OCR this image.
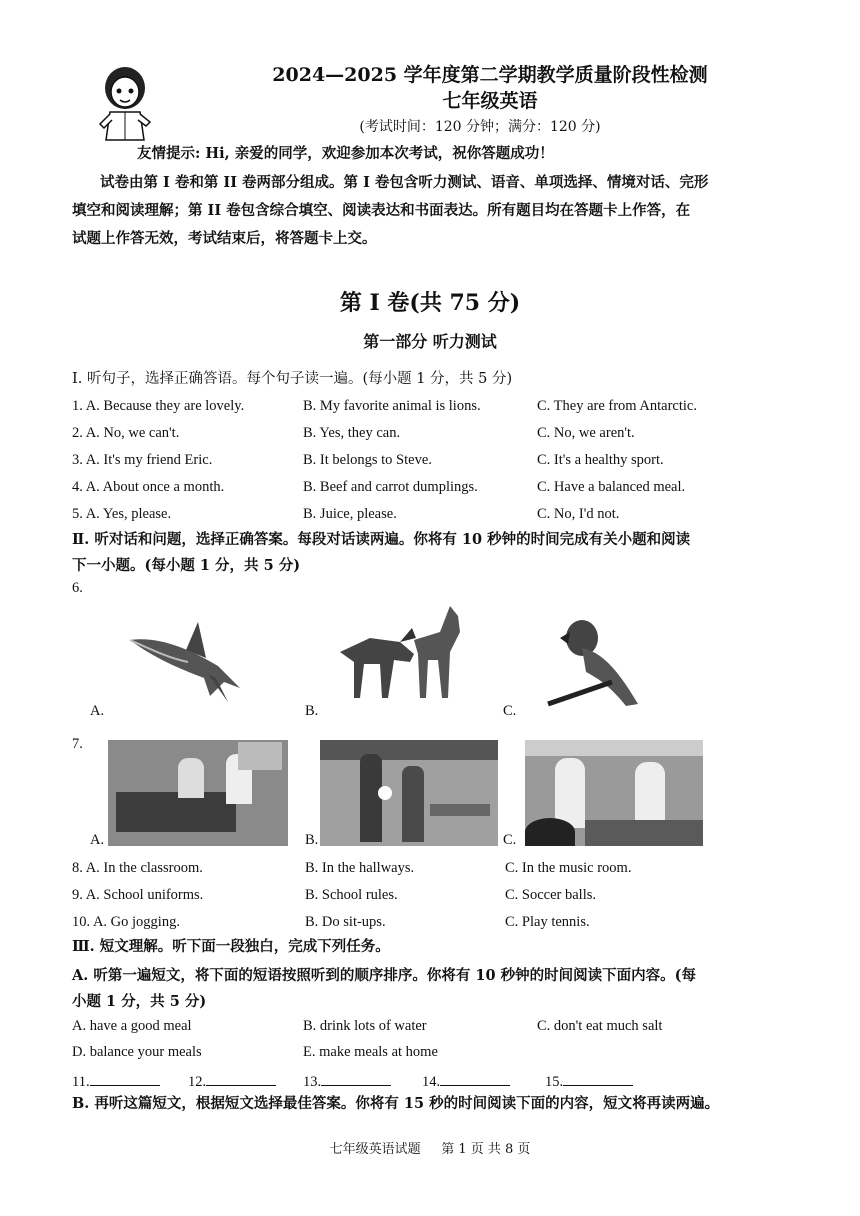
2024—2025 学年度第二学期教学质量阶段性检测
七年级英语
(考试时间：120 分钟；满分：120 分)
友情提示: Hi, 亲爱的同学，欢迎参加本次考试，祝你答题成功！
试卷由第 I 卷和第 II 卷两部分组成。第 I 卷包含听力测试、语音、单项选择、情境对话、完形
填空和阅读理解；第 II 卷包含综合填空、阅读表达和书面表达。所有题目均在答题卡上作答，在
试题上作答无效，考试结束后，将答题卡上交。
第 I 卷(共 75 分)
第一部分 听力测试
Ⅰ. 听句子，选择正确答语。每个句子读一遍。(每小题 1 分，共 5 分)
1. A. Because they are lovely.	B. My favorite animal is lions.	C. They are from Antarctic.
2. A. No, we can't.	B. Yes, they can.	C. No, we aren't.
3. A. It's my friend Eric.	B. It belongs to Steve.	C. It's a healthy sport.
4. A. About once a month.	B. Beef and carrot dumplings.	C. Have a balanced meal.
5. A. Yes, please.	B. Juice, please.	C. No, I'd not.
Ⅱ. 听对话和问题，选择正确答案。每段对话读两遍。你将有 10 秒钟的时间完成有关小题和阅读
下一小题。(每小题 1 分，共 5 分)
6.
A.	B.	C.
7.
A.	B.	C.
8. A. In the classroom.	B. In the hallways.	C. In the music room.
9. A. School uniforms.	B. School rules.	C. Soccer balls.
10. A. Go jogging.	B. Do sit-ups.	C. Play tennis.
Ⅲ. 短文理解。听下面一段独白，完成下列任务。
A. 听第一遍短文，将下面的短语按照听到的顺序排序。你将有 10 秒钟的时间阅读下面内容。(每
小题 1 分，共 5 分)
A. have a good meal	B. drink lots of water	C. don't eat much salt
D. balance your meals	E. make meals at home
11.	12.	13.	14.	15.
B. 再听这篇短文，根据短文选择最佳答案。你将有 15 秒的时间阅读下面的内容，短文将再读两遍。
七年级英语试题     第 1 页 共 8 页
